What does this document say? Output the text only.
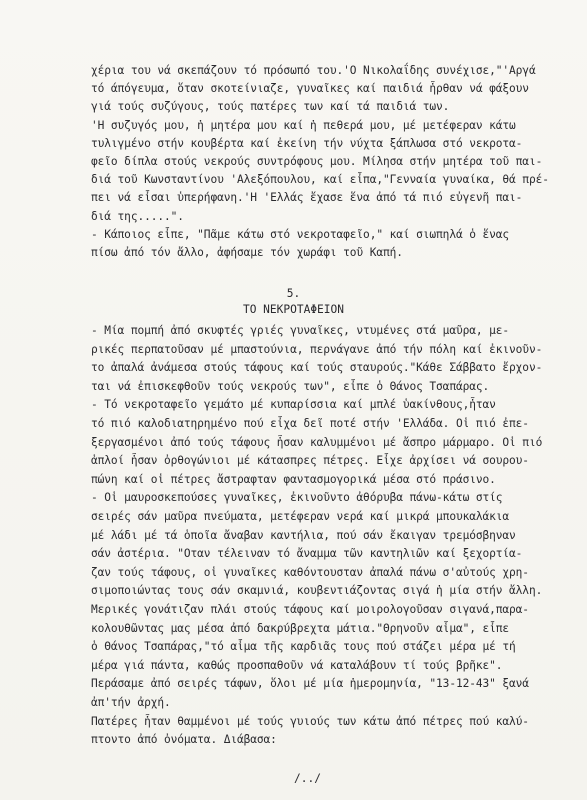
χέρια του νά σκεπάζουν τό πρόσωπό του.'Ο Νικολαΐδης συνέχισε,"'Αργά
τό άπόγευμα, ὅταν σκοτείνιαζε, γυναῖκες καί παιδιά ἦρθαν νά φάξουν
γιά τούς συζύγους, τούς πατέρες των καί τά παιδιά των.
'Η συζυγός μου, ἡ μητέρα μου καί ἡ πεθερά μου, μέ μετέφεραν κάτω
τυλιγμένο στήν κουβέρτα καί ἐκείνη τήν νύχτα ξάπλωσα στό νεκροτα-
φεῖο δίπλα στούς νεκρούς συντρόφους μου. Μίλησα στήν μητέρα τοῦ παι-
διά τοῦ Κωνσταντίνου 'Αλεξόπουλου, καί εἶπα,"Γενναία γυναίκα, θά πρέ-
πει νά εἶσαι ὑπερήφανη.'Η 'Ελλάς ἔχασε ἕνα ἀπό τά πιό εὐγενῆ παι-
διά της.....".
- Κάποιος εἶπε, "Πᾶμε κάτω στό νεκροταφεῖο," καί σιωπηλά ὁ ἕνας
πίσω ἀπό τόν ἄλλο, ἀφήσαμε τόν χωράφι τοῦ Καπή.
5.
ΤΟ ΝΕΚΡΟΤΑΦΕΙΟΝ
- Μία πομπή ἀπό σκυφτές γριές γυναῖκες, ντυμένες στά μαῦρα, με-
ρικές περπατοῦσαν μέ μπαστούνια, περνάγανε ἀπό τήν πόλη καί ἐκινοῦν-
το ἀπαλά ἀνάμεσα στούς τάφους καί τούς σταυρούς."Κάθε Σάββατο ἔρχον-
ται νά ἐπισκεφθοῦν τούς νεκρούς των", εἶπε ὁ Θάνος Τσαπάρας.
- Τό νεκροταφεῖο γεμάτο μέ κυπαρίσσια καί μπλέ ὑακίνθους,ἦταν
τό πιό καλοδιατηρημένο πού εἶχα δεῖ ποτέ στήν 'Ελλάδα. Οἱ πιό ἐπε-
ξεργασμένοι ἀπό τούς τάφους ἦσαν καλυμμένοι μέ ἄσπρο μάρμαρο. Οἱ πιό
ἁπλοί ἦσαν ὀρθογώνιοι μέ κάτασπρες πέτρες. Εἶχε ἀρχίσει νά σουρου-
πώνη καί οἱ πέτρες ἄστραφταν φαντασμογορικά μέσα στό πράσινο.
- Οἱ μαυροσκεπούσες γυναῖκες, ἐκινοῦντο ἀθόρυβα πάνω-κάτω στίς
σειρές σάν μαῦρα πνεύματα, μετέφεραν νερά καί μικρά μπουκαλάκια
μέ λάδι μέ τά ὁποῖα ἄναβαν καντήλια, πού σάν ἔκαιγαν τρεμόσβηναν
σάν ἀστέρια. "Οταν τέλειναν τό ἄναμμα τῶν καντηλιῶν καί ξεχορτία-
ζαν τούς τάφους, οἱ γυναῖκες καθόντουσταν ἀπαλά πάνω σ'αὐτούς χρη-
σιμοποιώντας τους σάν σκαμνιά, κουβεντιάζοντας σιγά ἡ μία στήν ἄλλη.
Μερικές γονάτιζαν πλάι στούς τάφους καί μοιρολογοῦσαν σιγανά,παρα-
κολουθῶντας μας μέσα ἀπό δακρύβρεχτα μάτια."Θρηνοῦν αἷμα", εἶπε
ὁ Θάνος Τσαπάρας,"τό αἷμα τῆς καρδιᾶς τους πού στάζει μέρα μέ τή
μέρα γιά πάντα, καθώς προσπαθοῦν νά καταλάβουν τί τούς βρῆκε".
Περάσαμε ἀπό σειρές τάφων, ὅλοι μέ μία ἡμερομηνία, "13-12-43" ξανά
ἀπ'τήν ἀρχή.
Πατέρες ἦταν θαμμένοι μέ τούς γυιούς των κάτω ἀπό πέτρες πού καλύ-
πτοντο ἀπό ὀνόματα. Διάβασα:
/../
